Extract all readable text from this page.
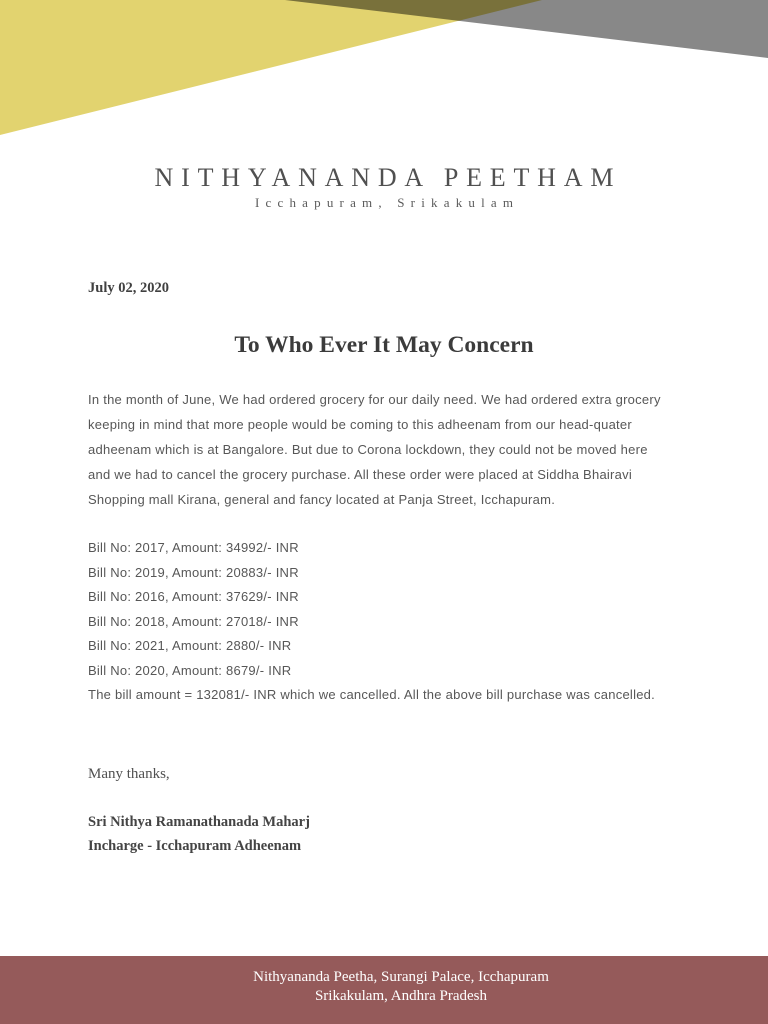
NITHYANANDA PEETHAM
Icchapuram, Srikakulam
July 02, 2020
To Who Ever It May Concern
In the month of June, We had ordered grocery for our daily need. We had ordered extra grocery
keeping in mind that more people would be coming to this adheenam from our head-quater
adheenam which is at Bangalore. But due to Corona lockdown, they could not be moved here
and we had to cancel the grocery purchase. All these order were placed at Siddha Bhairavi
Shopping mall Kirana, general and fancy located at Panja Street, Icchapuram.
Bill No: 2017, Amount: 34992/- INR
Bill No: 2019, Amount: 20883/- INR
Bill No: 2016, Amount: 37629/- INR
Bill No: 2018, Amount: 27018/- INR
Bill No: 2021, Amount: 2880/- INR
Bill No: 2020, Amount: 8679/- INR
The bill amount = 132081/- INR which we cancelled. All the above bill purchase was cancelled.
Many thanks,
Sri Nithya Ramanathanada Maharj
Incharge - Icchapuram Adheenam
Nithyananda Peetha, Surangi Palace, Icchapuram
Srikakulam, Andhra Pradesh
